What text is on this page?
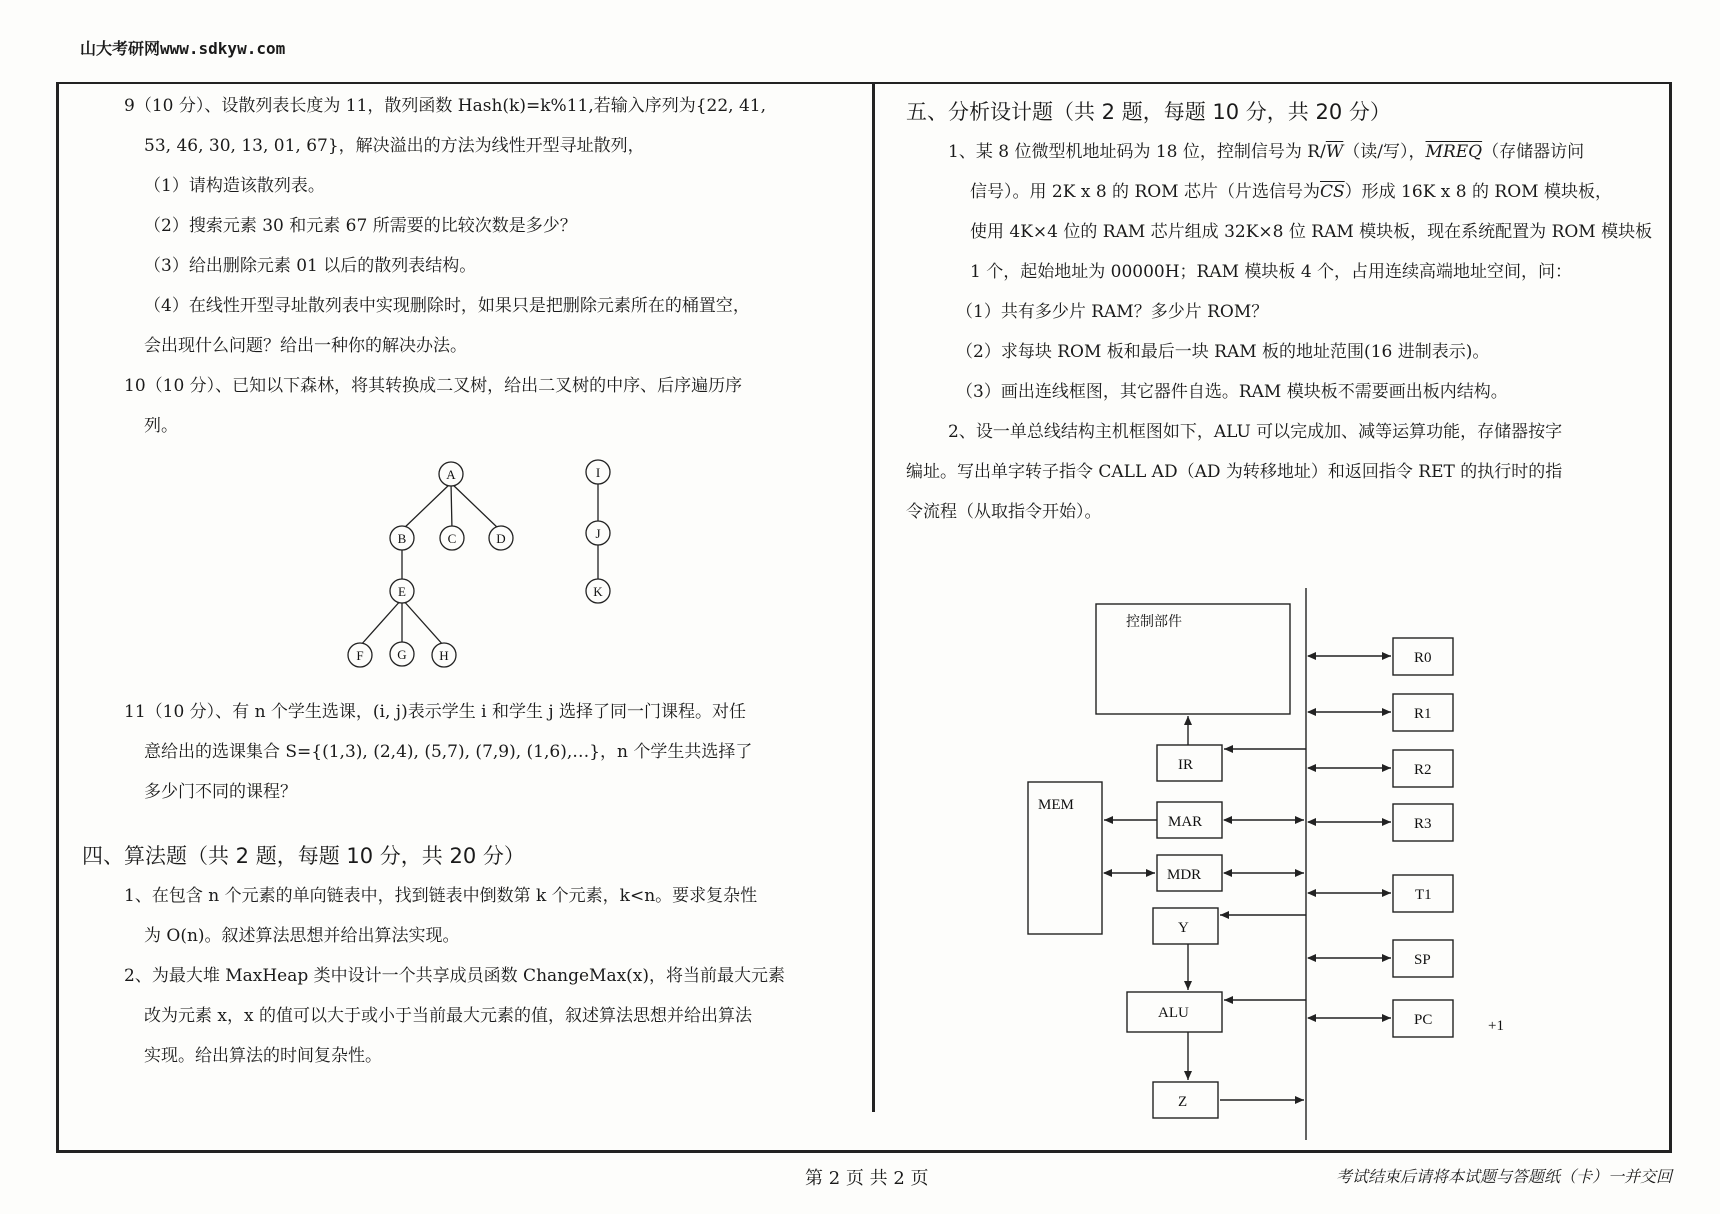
山大考研网www.sdkyw.com
9（10 分）、设散列表长度为 11，散列函数 Hash(k)=k%11,若输入序列为{22, 41,
53, 46, 30, 13, 01, 67}，解决溢出的方法为线性开型寻址散列，
（1）请构造该散列表。
（2）搜索元素 30 和元素 67 所需要的比较次数是多少？
（3）给出删除元素 01 以后的散列表结构。
（4）在线性开型寻址散列表中实现删除时，如果只是把删除元素所在的桶置空，
会出现什么问题？给出一种你的解决办法。
10（10 分）、已知以下森林，将其转换成二叉树，给出二叉树的中序、后序遍历序
列。
A
B	C	D
E
F	G	H
I
J
K
11（10 分）、有 n 个学生选课，(i, j)表示学生 i 和学生 j 选择了同一门课程。对任
意给出的选课集合 S={(1,3), (2,4), (5,7), (7,9), (1,6),…}，n 个学生共选择了
多少门不同的课程？
四、算法题（共 2 题，每题 10 分，共 20 分）
1、在包含 n 个元素的单向链表中，找到链表中倒数第 k 个元素，k<n。要求复杂性
为 O(n)。叙述算法思想并给出算法实现。
2、为最大堆 MaxHeap 类中设计一个共享成员函数 ChangeMax(x)，将当前最大元素
改为元素 x，x 的值可以大于或小于当前最大元素的值，叙述算法思想并给出算法
实现。给出算法的时间复杂性。
五、分析设计题（共 2 题，每题 10 分，共 20 分）
1、某 8 位微型机地址码为 18 位，控制信号为 $R/\overline{W}$（读/写），MREQ（存储器访问
信号）。用 2K x 8 的 ROM 芯片（片选信号为$\overline{CS}$）形成 16K x 8 的 ROM 模块板，
使用 4K×4 位的 RAM 芯片组成 32K×8 位 RAM 模块板，现在系统配置为 ROM 模块板
1 个，起始地址为 00000H；RAM 模块板 4 个，占用连续高端地址空间，问：
（1）共有多少片 RAM？多少片 ROM？
（2）求每块 ROM 板和最后一块 RAM 板的地址范围(16 进制表示)。
（3）画出连线框图，其它器件自选。RAM 模块板不需要画出板内结构。
2、设一单总线结构主机框图如下，ALU 可以完成加、减等运算功能，存储器按字
编址。写出单字转子指令 CALL AD（AD 为转移地址）和返回指令 RET 的执行时的指
令流程（从取指令开始）。
控制部件
MEM
IR
MAR
MDR
Y
ALU
Z
R0
R1
R2
R3
T1
SP
PC	+1
第 2 页 共 2 页	考试结束后请将本试题与答题纸（卡）一并交回
